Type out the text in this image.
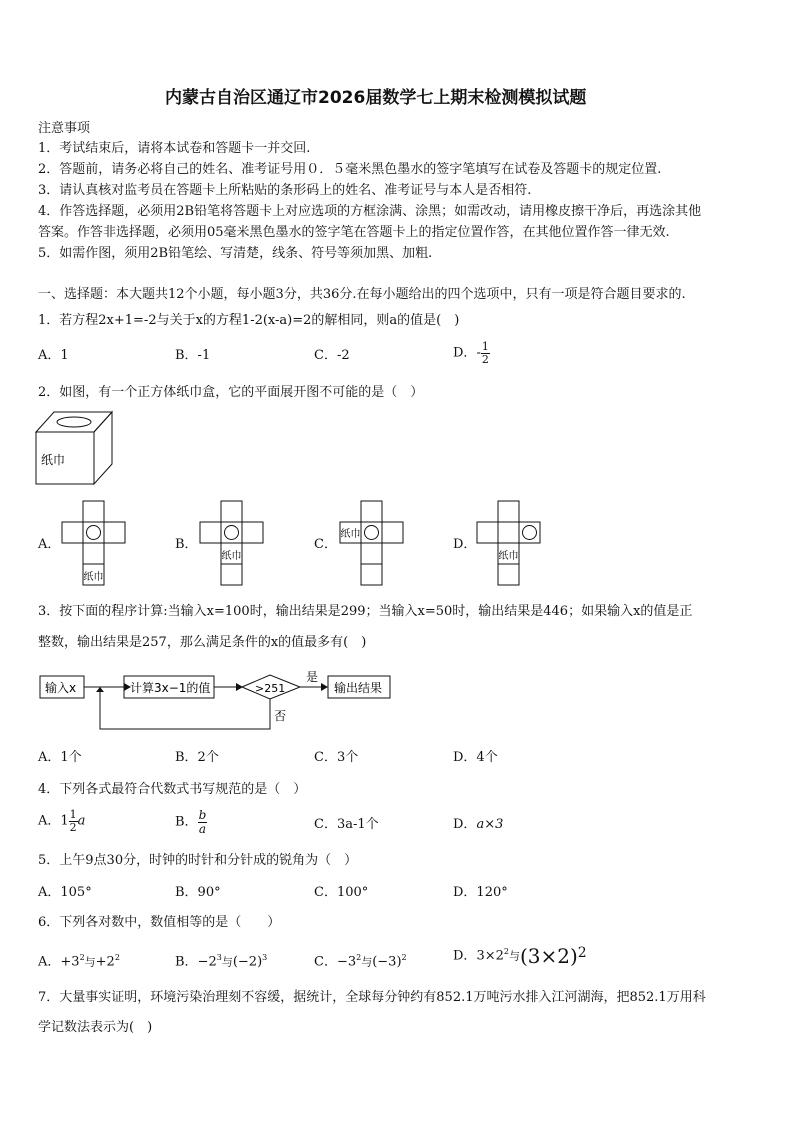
内蒙古自治区通辽市2026届数学七上期末检测模拟试题
注意事项
1．考试结束后，请将本试卷和答题卡一并交回.
2．答题前，请务必将自己的姓名、准考证号用０．５毫米黑色墨水的签字笔填写在试卷及答题卡的规定位置.
3．请认真核对监考员在答题卡上所粘贴的条形码上的姓名、准考证号与本人是否相符.
4．作答选择题，必须用2B铅笔将答题卡上对应选项的方框涂满、涂黑；如需改动，请用橡皮擦干净后，再选涂其他
答案。作答非选择题，必须用05毫米黑色墨水的签字笔在答题卡上的指定位置作答，在其他位置作答一律无效.
5．如需作图，须用2B铅笔绘、写清楚，线条、符号等须加黑、加粗.
一、选择题：本大题共12个小题，每小题3分，共36分.在每小题给出的四个选项中，只有一项是符合题目要求的.
1．若方程2x+1=-2与关于x的方程1-2(x-a)=2的解相同，则a的值是(　)
A．1	B．-1	C．-2	D．- $\frac{1}{2}$
2．如图，有一个正方体纸巾盒，它的平面展开图不可能的是（　）
纸巾
A．
纸巾
B．
纸巾
C．
纸巾
D．
纸巾
3．按下面的程序计算:当输入x=100时，输出结果是299；当输入x=50时，输出结果是446；如果输入x的值是正
整数，输出结果是257，那么满足条件的x的值最多有(　)
输入x	计算3x−1的值	>251
是
输出结果
否
A．1个	B．2个	C．3个	D．4个
4．下列各式最符合代数式书写规范的是（　）
A．$1 \frac{1}{2}$ a	B． $\frac{b}{a}$	C．3a-1个	D．a×3
5．上午9点30分，时钟的时针和分针成的锐角为（　）
A．105°	B．90°	C．100°	D．120°
6．下列各对数中，数值相等的是（　　）
A．$+3^2$与$+2^2$	B．$-2^3$与$(-2)^3$	C．$-3^2$与$(-3)^2$	D．$3\times 2^2$与$(3\times 2)^2$
7．大量事实证明，环境污染治理刻不容缓，据统计，全球每分钟约有852.1万吨污水排入江河湖海，把852.1万用科
学记数法表示为(　)
